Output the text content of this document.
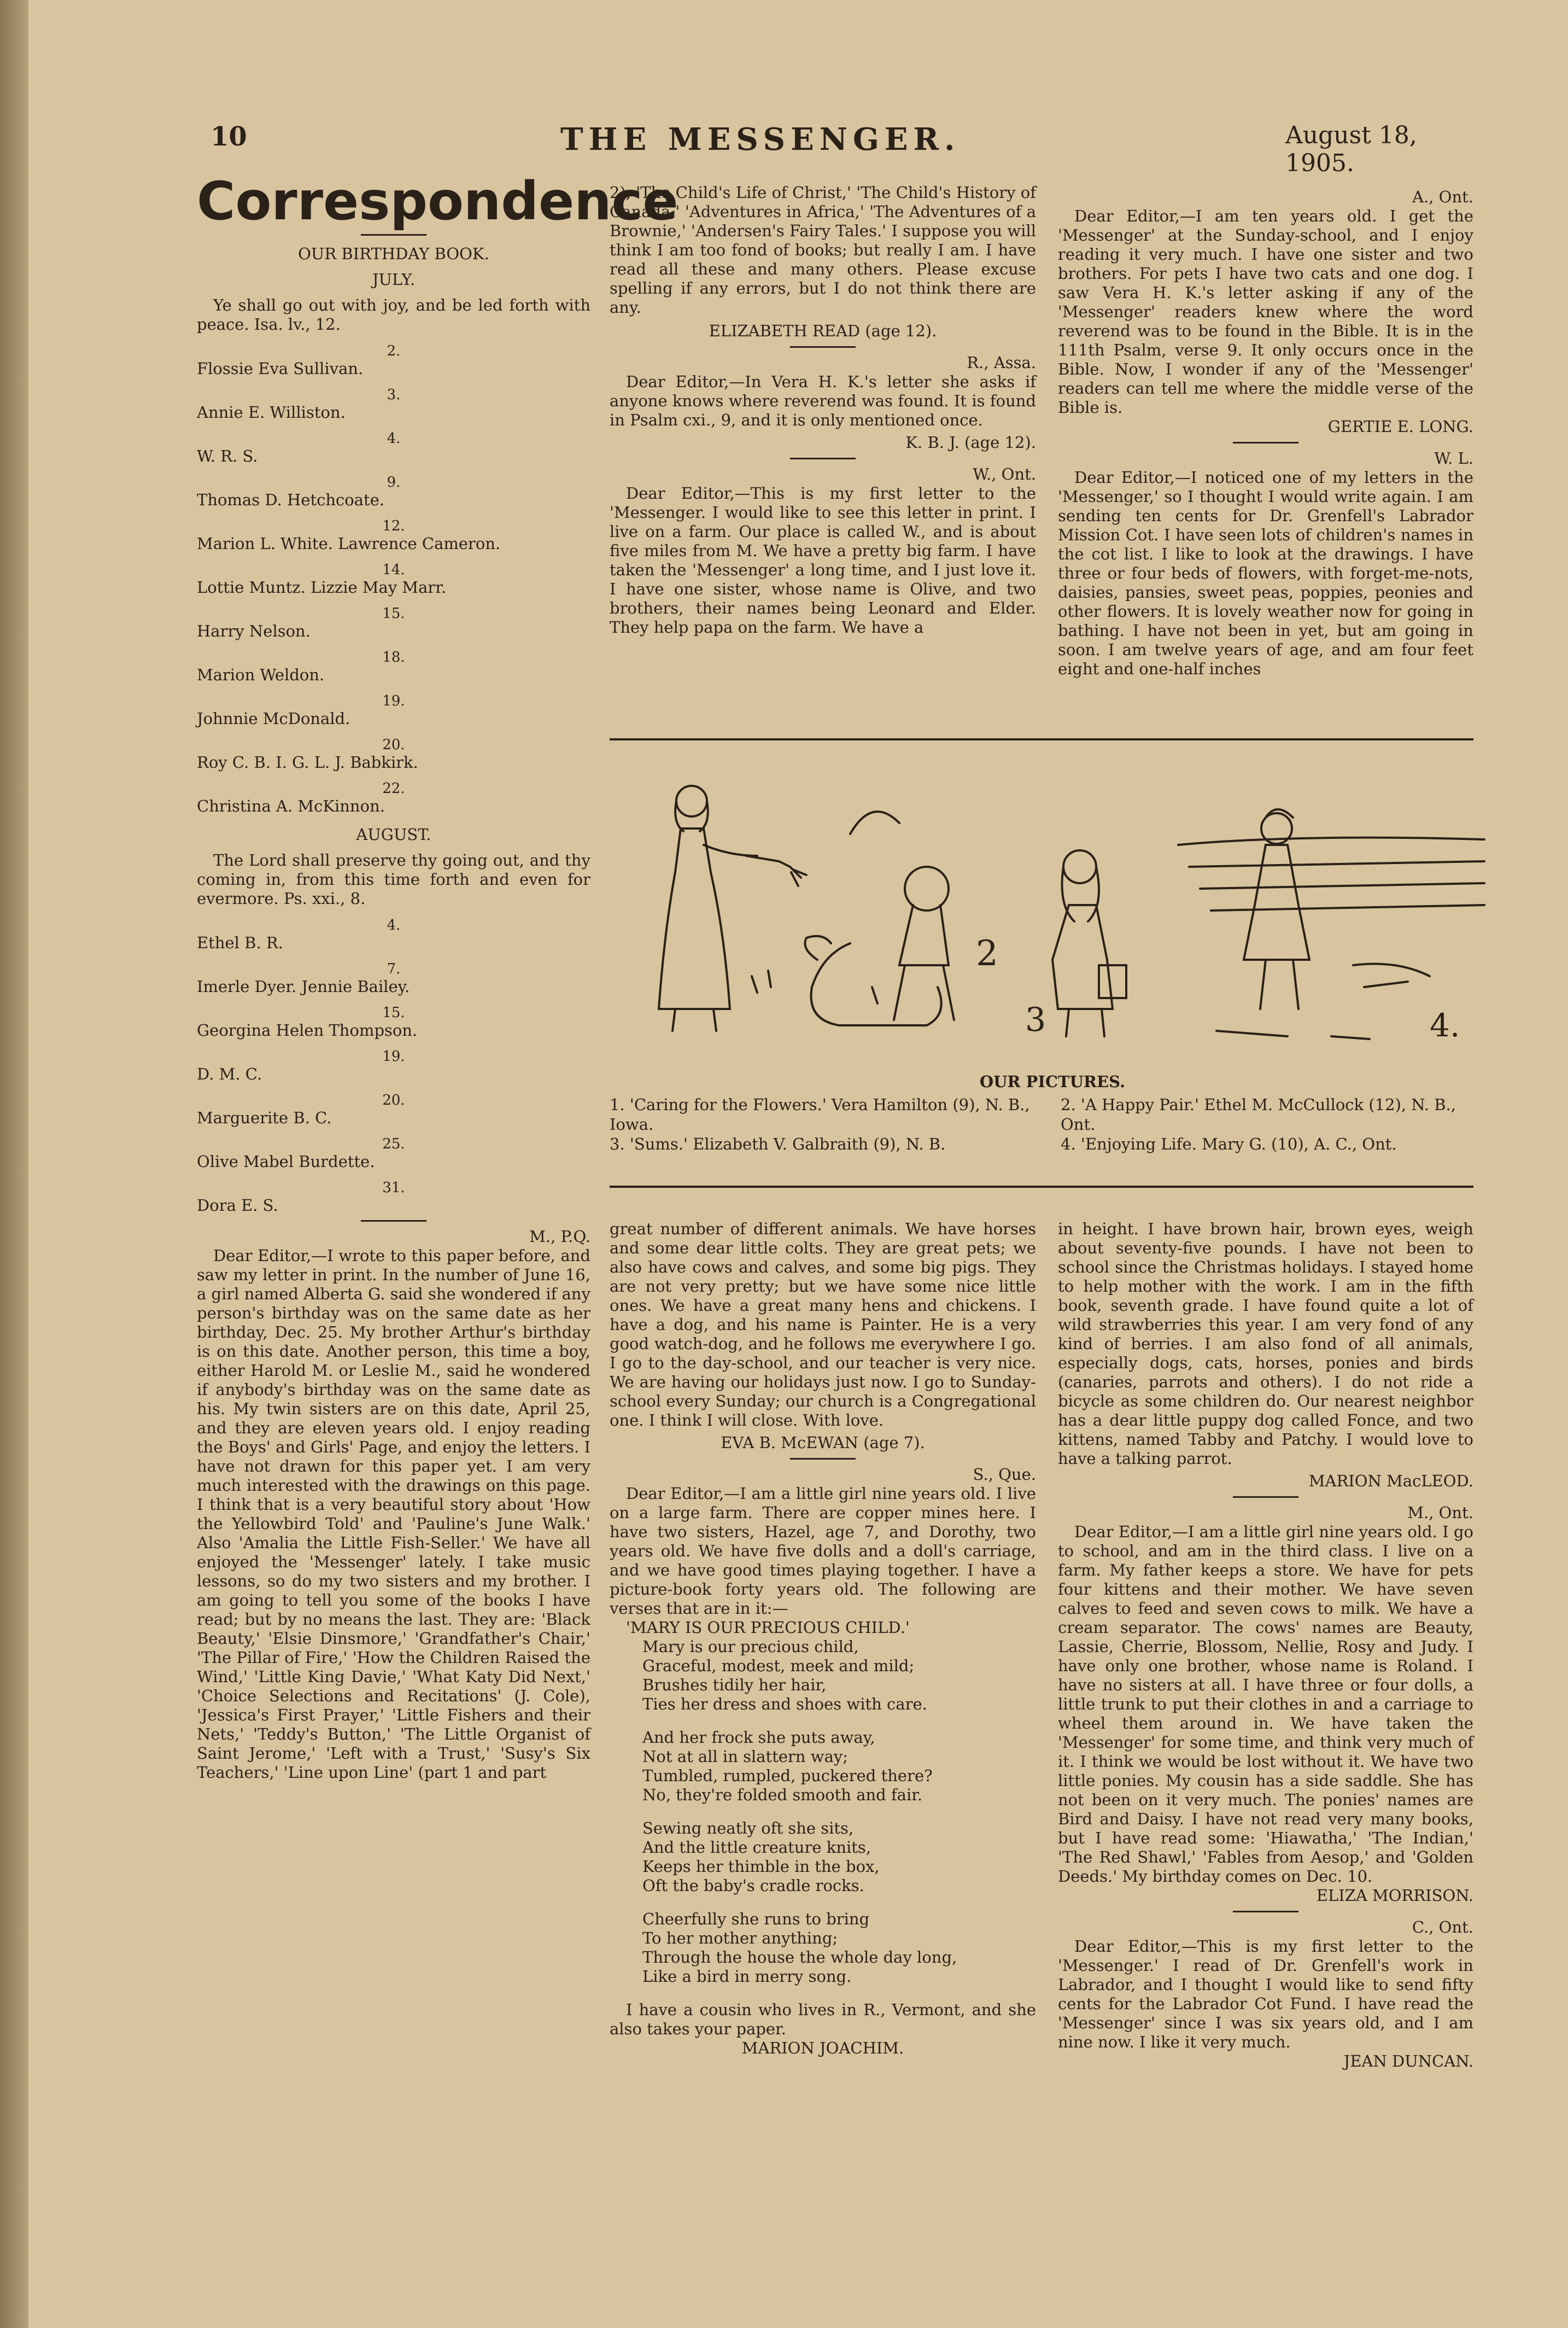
10	THE MESSENGER.	August 18, 1905.

Correspondence

OUR BIRTHDAY BOOK.

JULY.

Ye shall go out with joy, and be led forth with peace. Isa. lv., 12.

2.

Flossie Eva Sullivan.

3.

Annie E. Williston.

4.

W. R. S.

9.

Thomas D. Hetchcoate.

12.

Marion L. White. Lawrence Cameron.

14.

Lottie Muntz. Lizzie May Marr.

15.

Harry Nelson.

18.

Marion Weldon.

19.

Johnnie McDonald.

20.

Roy C. B. I. G. L. J. Babkirk.

22.

Christina A. McKinnon.

AUGUST.

The Lord shall preserve thy going out, and thy coming in, from this time forth and even for evermore. Ps. xxi., 8.

4.

Ethel B. R.

7.

Imerle Dyer. Jennie Bailey.

15.

Georgina Helen Thompson.

19.

D. M. C.

20.

Marguerite B. C.

25.

Olive Mabel Burdette.

31.

Dora E. S.

M., P.Q.

Dear Editor,—I wrote to this paper before, and saw my letter in print. In the number of June 16, a girl named Alberta G. said she wondered if any person's birthday was on the same date as her birthday, Dec. 25. My brother Arthur's birthday is on this date. Another person, this time a boy, either Harold M. or Leslie M., said he wondered if anybody's birthday was on the same date as his. My twin sisters are on this date, April 25, and they are eleven years old. I enjoy reading the Boys' and Girls' Page, and enjoy the letters. I have not drawn for this paper yet. I am very much interested with the drawings on this page. I think that is a very beautiful story about 'How the Yellowbird Told' and 'Pauline's June Walk.' Also 'Amalia the Little Fish-Seller.' We have all enjoyed the 'Messenger' lately. I take music lessons, so do my two sisters and my brother. I am going to tell you some of the books I have read; but by no means the last. They are: 'Black Beauty,' 'Elsie Dinsmore,' 'Grandfather's Chair,' 'The Pillar of Fire,' 'How the Children Raised the Wind,' 'Little King Davie,' 'What Katy Did Next,' 'Choice Selections and Recitations' (J. Cole), 'Jessica's First Prayer,' 'Little Fishers and their Nets,' 'Teddy's Button,' 'The Little Organist of Saint Jerome,' 'Left with a Trust,' 'Susy's Six Teachers,' 'Line upon Line' (part 1 and part

2), 'The Child's Life of Christ,' 'The Child's History of Canada,' 'Adventures in Africa,' 'The Adventures of a Brownie,' 'Andersen's Fairy Tales.' I suppose you will think I am too fond of books; but really I am. I have read all these and many others. Please excuse spelling if any errors, but I do not think there are any.

ELIZABETH READ (age 12).

R., Assa.

Dear Editor,—In Vera H. K.'s letter she asks if anyone knows where reverend was found. It is found in Psalm cxi., 9, and it is only mentioned once.

K. B. J. (age 12).

W., Ont.

Dear Editor,—This is my first letter to the 'Messenger. I would like to see this letter in print. I live on a farm. Our place is called W., and is about five miles from M. We have a pretty big farm. I have taken the 'Messenger' a long time, and I just love it. I have one sister, whose name is Olive, and two brothers, their names being Leonard and Elder. They help papa on the farm. We have a

A., Ont.

Dear Editor,—I am ten years old. I get the 'Messenger' at the Sunday-school, and I enjoy reading it very much. I have one sister and two brothers. For pets I have two cats and one dog. I saw Vera H. K.'s letter asking if any of the 'Messenger' readers knew where the word reverend was to be found in the Bible. It is in the 111th Psalm, verse 9. It only occurs once in the Bible. Now, I wonder if any of the 'Messenger' readers can tell me where the middle verse of the Bible is.

GERTIE E. LONG.

W. L.

Dear Editor,—I noticed one of my letters in the 'Messenger,' so I thought I would write again. I am sending ten cents for Dr. Grenfell's Labrador Mission Cot. I have seen lots of children's names in the cot list. I like to look at the drawings. I have three or four beds of flowers, with forget-me-nots, daisies, pansies, sweet peas, poppies, peonies and other flowers. It is lovely weather now for going in bathing. I have not been in yet, but am going in soon. I am twelve years of age, and am four feet eight and one-half inches

2
3	4.
OUR PICTURES.
1. 'Caring for the Flowers.' Vera Hamilton (9), N. B., Iowa.
2. 'A Happy Pair.' Ethel M. McCullock (12), N. B., Ont.
3. 'Sums.' Elizabeth V. Galbraith (9), N. B.	4. 'Enjoying Life. Mary G. (10), A. C., Ont.

great number of different animals. We have horses and some dear little colts. They are great pets; we also have cows and calves, and some big pigs. They are not very pretty; but we have some nice little ones. We have a great many hens and chickens. I have a dog, and his name is Painter. He is a very good watch-dog, and he follows me everywhere I go. I go to the day-school, and our teacher is very nice. We are having our holidays just now. I go to Sunday-school every Sunday; our church is a Congregational one. I think I will close. With love.

EVA B. McEWAN (age 7).

S., Que.

Dear Editor,—I am a little girl nine years old. I live on a large farm. There are copper mines here. I have two sisters, Hazel, age 7, and Dorothy, two years old. We have five dolls and a doll's carriage, and we have good times playing together. I have a picture-book forty years old. The following are verses that are in it:—

'MARY IS OUR PRECIOUS CHILD.'

Mary is our precious child,
Graceful, modest, meek and mild;
Brushes tidily her hair,
Ties her dress and shoes with care.
And her frock she puts away,
Not at all in slattern way;
Tumbled, rumpled, puckered there?
No, they're folded smooth and fair.
Sewing neatly oft she sits,
And the little creature knits,
Keeps her thimble in the box,
Oft the baby's cradle rocks.
Cheerfully she runs to bring
To her mother anything;
Through the house the whole day long,
Like a bird in merry song.

I have a cousin who lives in R., Vermont, and she also takes your paper.

MARION JOACHIM.

in height. I have brown hair, brown eyes, weigh about seventy-five pounds. I have not been to school since the Christmas holidays. I stayed home to help mother with the work. I am in the fifth book, seventh grade. I have found quite a lot of wild strawberries this year. I am very fond of any kind of berries. I am also fond of all animals, especially dogs, cats, horses, ponies and birds (canaries, parrots and others). I do not ride a bicycle as some children do. Our nearest neighbor has a dear little puppy dog called Fonce, and two kittens, named Tabby and Patchy. I would love to have a talking parrot.

MARION MacLEOD.

M., Ont.

Dear Editor,—I am a little girl nine years old. I go to school, and am in the third class. I live on a farm. My father keeps a store. We have for pets four kittens and their mother. We have seven calves to feed and seven cows to milk. We have a cream separator. The cows' names are Beauty, Lassie, Cherrie, Blossom, Nellie, Rosy and Judy. I have only one brother, whose name is Roland. I have no sisters at all. I have three or four dolls, a little trunk to put their clothes in and a carriage to wheel them around in. We have taken the 'Messenger' for some time, and think very much of it. I think we would be lost without it. We have two little ponies. My cousin has a side saddle. She has not been on it very much. The ponies' names are Bird and Daisy. I have not read very many books, but I have read some: 'Hiawatha,' 'The Indian,' 'The Red Shawl,' 'Fables from Aesop,' and 'Golden Deeds.' My birthday comes on Dec. 10.

ELIZA MORRISON.

C., Ont.

Dear Editor,—This is my first letter to the 'Messenger.' I read of Dr. Grenfell's work in Labrador, and I thought I would like to send fifty cents for the Labrador Cot Fund. I have read the 'Messenger' since I was six years old, and I am nine now. I like it very much.

JEAN DUNCAN.
